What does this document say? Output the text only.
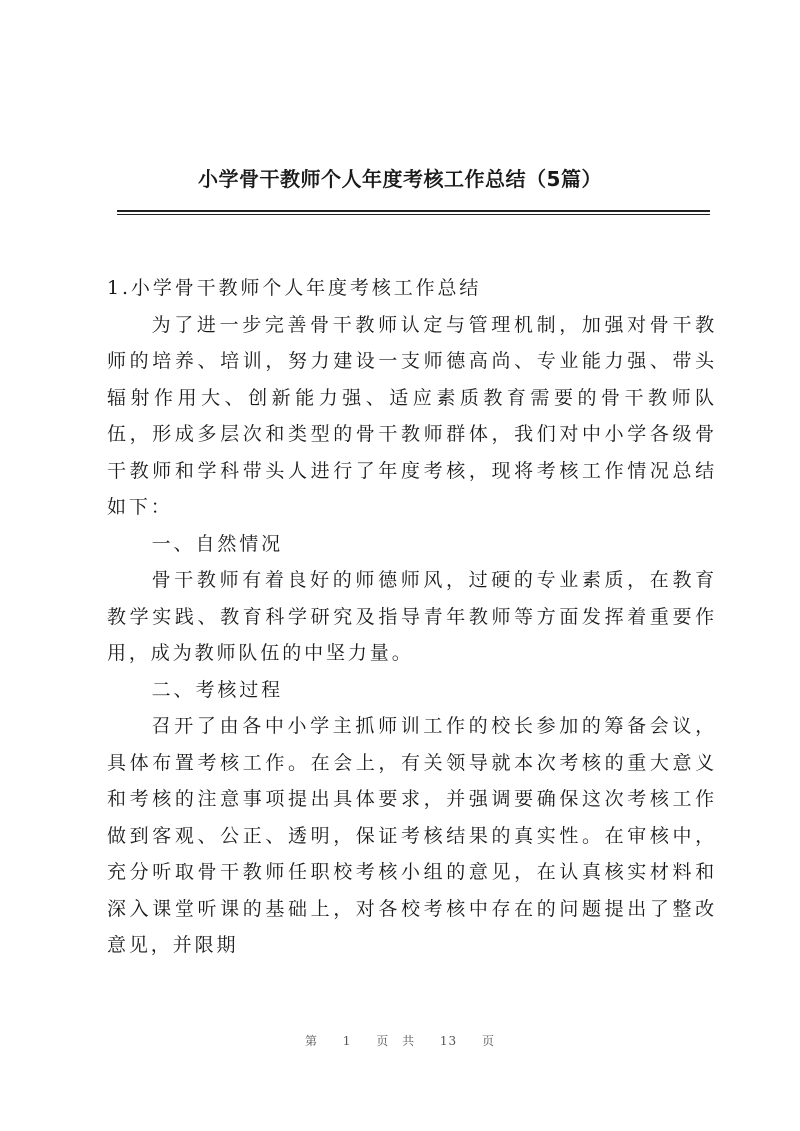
小学骨干教师个人年度考核工作总结（5篇）

1.小学骨干教师个人年度考核工作总结

为了进一步完善骨干教师认定与管理机制，加强对骨干教师的培养、培训，努力建设一支师德高尚、专业能力强、带头辐射作用大、创新能力强、适应素质教育需要的骨干教师队伍，形成多层次和类型的骨干教师群体，我们对中小学各级骨干教师和学科带头人进行了年度考核，现将考核工作情况总结如下：

一、自然情况

骨干教师有着良好的师德师风，过硬的专业素质，在教育教学实践、教育科学研究及指导青年教师等方面发挥着重要作用，成为教师队伍的中坚力量。

二、考核过程

召开了由各中小学主抓师训工作的校长参加的筹备会议，具体布置考核工作。在会上，有关领导就本次考核的重大意义和考核的注意事项提出具体要求，并强调要确保这次考核工作做到客观、公正、透明，保证考核结果的真实性。在审核中，充分听取骨干教师任职校考核小组的意见，在认真核实材料和深入课堂听课的基础上，对各校考核中存在的问题提出了整改意见，并限期

第 1 页 共 13 页
